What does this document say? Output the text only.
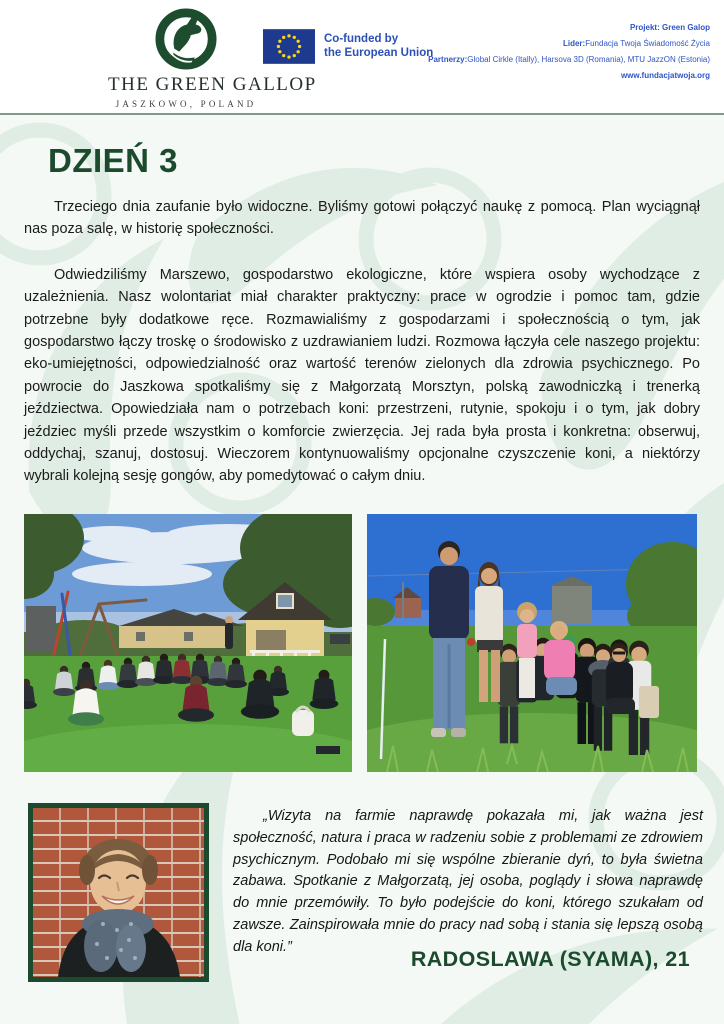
THE GREEN GALLOP
JASZKOWO, POLAND
Co-funded by
the European Union
Projekt: Green Galop
Lider:Fundacja Twoja Świadomość Życia
Partnerzy:Global Cirkle (Itally), Harsova 3D (Romania), MTU JazzON (Estonia)
www.fundacjatwoja.org
DZIEŃ 3

Trzeciego dnia zaufanie było widoczne. Byliśmy gotowi połączyć naukę z pomocą. Plan wyciągnął nas poza salę, w historię społeczności.

Odwiedziliśmy Marszewo, gospodarstwo ekologiczne, które wspiera osoby wychodzące z uzależnienia. Nasz wolontariat miał charakter praktyczny: prace w ogrodzie i pomoc tam, gdzie potrzebne były dodatkowe ręce. Rozmawialiśmy z gospodarzami i społecznością o tym, jak gospodarstwo łączy troskę o środowisko z uzdrawianiem ludzi. Rozmowa łączyła cele naszego projektu: eko-umiejętności, odpowiedzialność oraz wartość terenów zielonych dla zdrowia psychicznego. Po powrocie do Jaszkowa spotkaliśmy się z Małgorzatą Morsztyn, polską zawodniczką i trenerką jeździectwa. Opowiedziała nam o potrzebach koni: przestrzeni, rutynie, spokoju i o tym, jak dobry jeździec myśli przede wszystkim o komforcie zwierzęcia. Jej rada była prosta i konkretna: obserwuj, oddychaj, szanuj, dostosuj. Wieczorem kontynuowaliśmy opcjonalne czyszczenie koni, a niektórzy wybrali kolejną sesję gongów, aby pomedytować o całym dniu.

„Wizyta na farmie naprawdę pokazała mi, jak ważna jest społeczność, natura i praca w radzeniu sobie z problemami ze zdrowiem psychicznym. Podobało mi się wspólne zbieranie dyń, to była świetna zabawa. Spotkanie z Małgorzatą, jej osoba, poglądy i słowa naprawdę do mnie przemówiły. To było podejście do koni, którego szukałam od zawsze. Zainspirowała mnie do pracy nad sobą i stania się lepszą osobą dla koni.”
RADOSLAWA (SYAMA), 21
